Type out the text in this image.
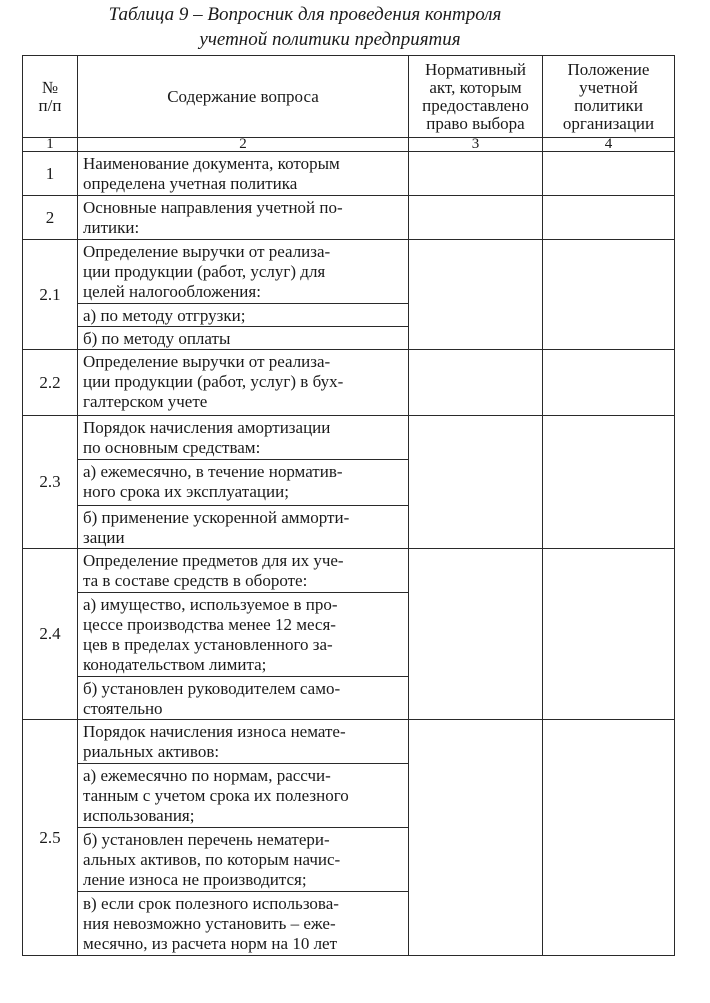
Таблица 9 – Вопросник для проведения контроля
учетной политики предприятия
№
п/п	Содержание вопроса	Нормативный
акт, которым
предоставлено
право выбора	Положение
учетной
политики
организации
1	2	3	4
1	Наименование документа, которым
определена учетная политика		
2	Основные направления учетной по-
литики:		
2.1	Определение выручки от реализа-
ции продукции (работ, услуг) для
целей налогообложения:		
	а) по методу отгрузки;		
	б) по методу оплаты		
2.2	Определение выручки от реализа-
ции продукции (работ, услуг) в бух-
галтерском учете		
2.3	Порядок начисления амортизации
по основным средствам:		
	а) ежемесячно, в течение норматив-
ного срока их эксплуатации;		
	б) применение ускоренной амморти-
зации		
2.4	Определение предметов для их уче-
та в составе средств в обороте:		
	а) имущество, используемое в про-
цессе производства менее 12 меся-
цев в пределах установленного за-
конодательством лимита;		
	б) установлен руководителем само-
стоятельно		
2.5	Порядок начисления износа немате-
риальных активов:		
	а) ежемесячно по нормам, рассчи-
танным с учетом срока их полезного
использования;		
	б) установлен перечень нематери-
альных активов, по которым начис-
ление износа не производится;		
	в) если срок полезного использова-
ния невозможно установить – еже-
месячно, из расчета норм на 10 лет		
